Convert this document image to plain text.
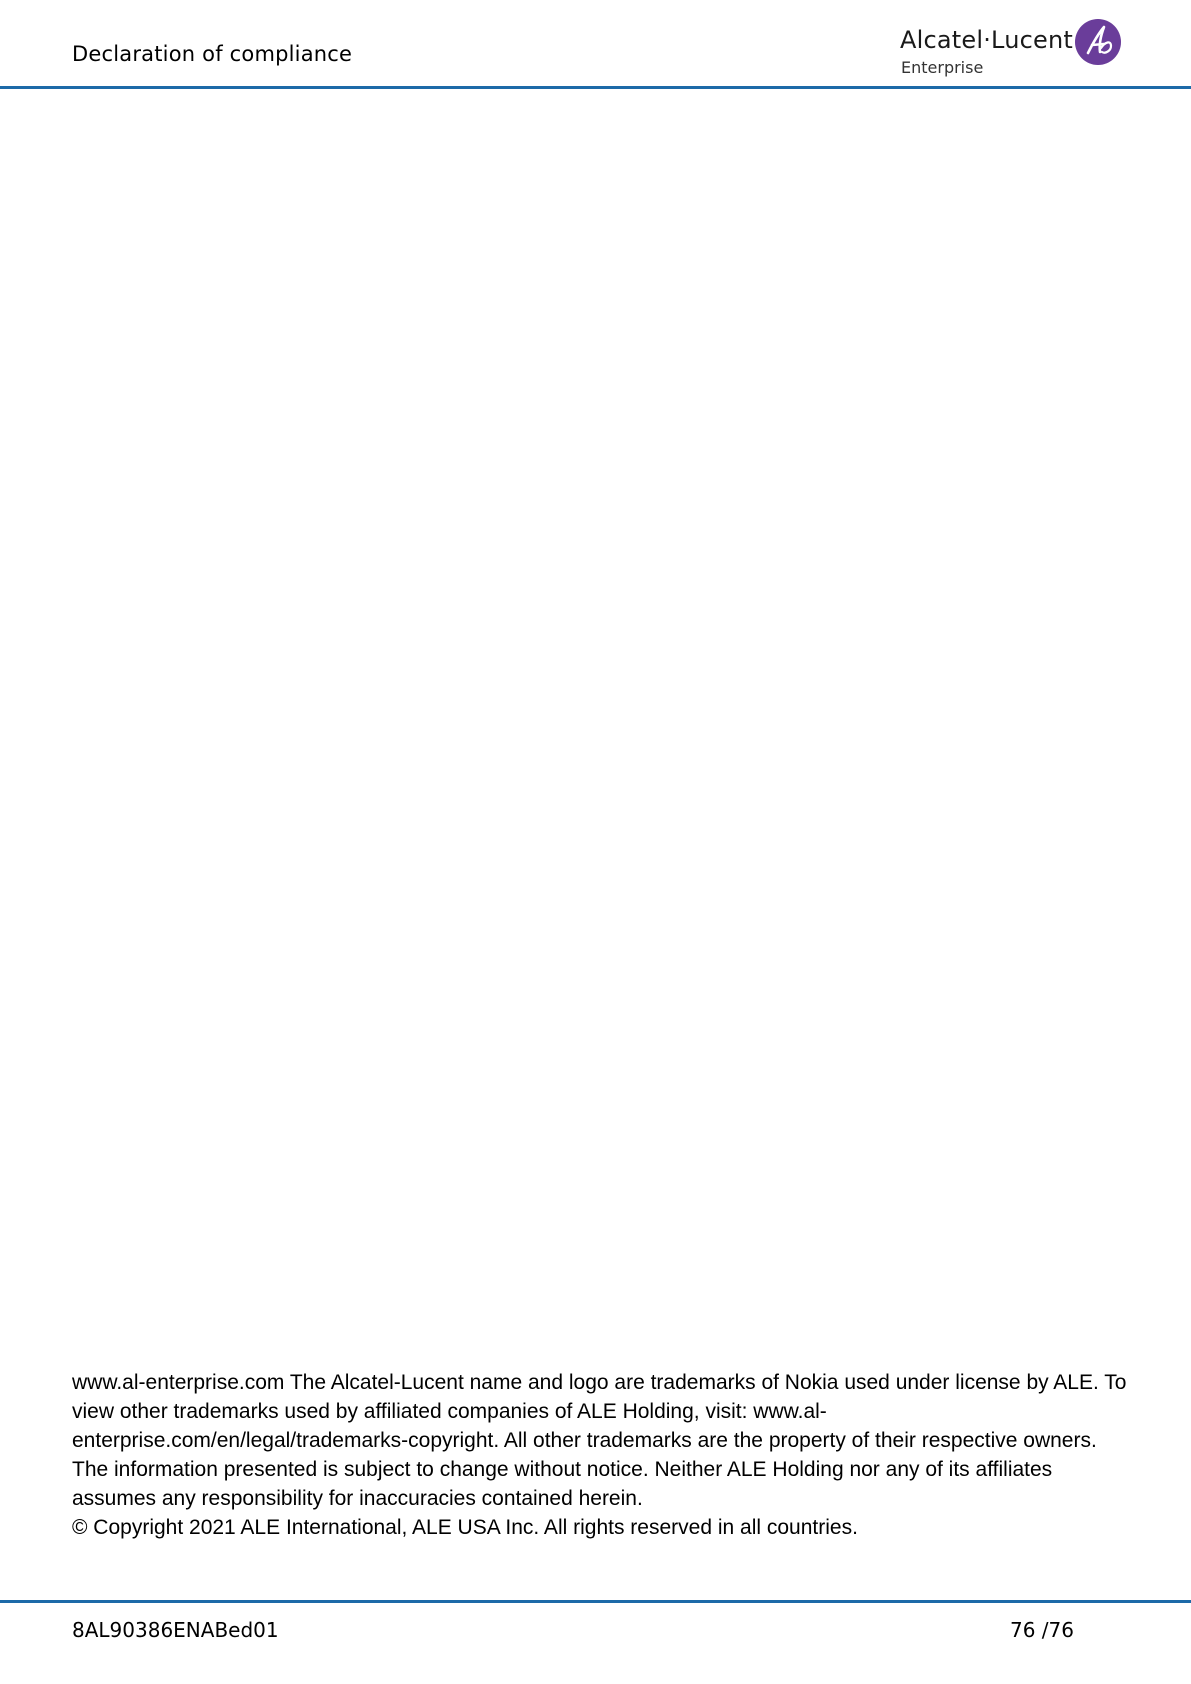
Declaration of compliance	Alcatel·Lucent
Enterprise

www.al-enterprise.com The Alcatel-Lucent name and logo are trademarks of Nokia used under license by ALE. To view other trademarks used by affiliated companies of ALE Holding, visit: www.al-enterprise.com/en/legal/trademarks-copyright. All other trademarks are the property of their respective owners. The information presented is subject to change without notice. Neither ALE Holding nor any of its affiliates assumes any responsibility for inaccuracies contained herein.

© Copyright 2021 ALE International, ALE USA Inc. All rights reserved in all countries.

8AL90386ENABed01	76 /76
